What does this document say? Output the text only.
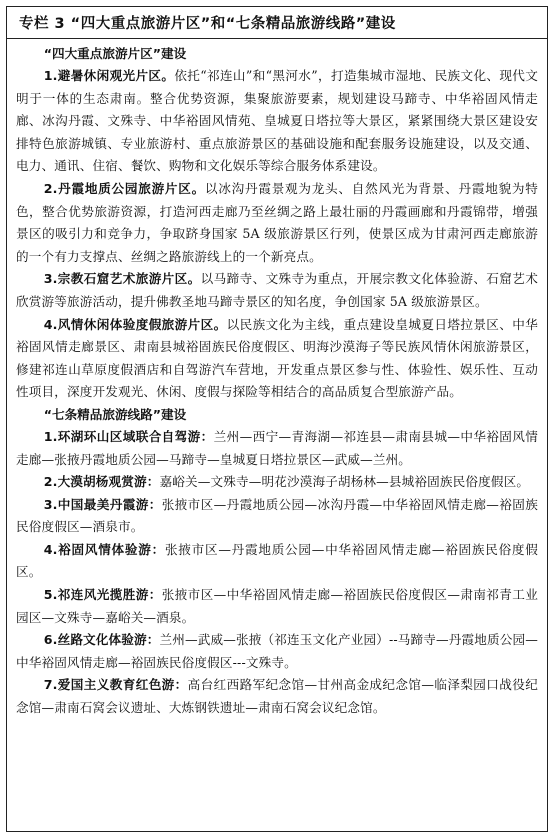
专栏 3 “四大重点旅游片区”和“七条精品旅游线路”建设
“四大重点旅游片区”建设
1.避暑休闲观光片区。依托“祁连山”和“黑河水”，打造集城市湿地、民族文化、现代文明于一体的生态肃南。整合优势资源，集聚旅游要素，规划建设马蹄寺、中华裕固风情走廊、冰沟丹霞、文殊寺、中华裕固风情苑、皇城夏日塔拉等大景区，紧紧围绕大景区建设安排特色旅游城镇、专业旅游村、重点旅游景区的基础设施和配套服务设施建设，以及交通、电力、通讯、住宿、餐饮、购物和文化娱乐等综合服务体系建设。
2.丹霞地质公园旅游片区。以冰沟丹霞景观为龙头、自然风光为背景、丹霞地貌为特色，整合优势旅游资源，打造河西走廊乃至丝绸之路上最壮丽的丹霞画廊和丹霞锦带，增强景区的吸引力和竞争力，争取跻身国家 5A 级旅游景区行列，使景区成为甘肃河西走廊旅游的一个有力支撑点、丝绸之路旅游线上的一个新亮点。
3.宗教石窟艺术旅游片区。以马蹄寺、文殊寺为重点，开展宗教文化体验游、石窟艺术欣赏游等旅游活动，提升佛教圣地马蹄寺景区的知名度，争创国家 5A 级旅游景区。
4.风情休闲体验度假旅游片区。以民族文化为主线，重点建设皇城夏日塔拉景区、中华裕固风情走廊景区、肃南县城裕固族民俗度假区、明海沙漠海子等民族风情休闲旅游景区，修建祁连山草原度假酒店和自驾游汽车营地，开发重点景区参与性、体验性、娱乐性、互动性项目，深度开发观光、休闲、度假与探险等相结合的高品质复合型旅游产品。
“七条精品旅游线路”建设
1.环湖环山区域联合自驾游：兰州—西宁—青海湖—祁连县—肃南县城—中华裕固风情走廊—张掖丹霞地质公园—马蹄寺—皇城夏日塔拉景区—武威—兰州。
2.大漠胡杨观赏游：嘉峪关—文殊寺—明花沙漠海子胡杨林—县城裕固族民俗度假区。
3.中国最美丹霞游：张掖市区—丹霞地质公园—冰沟丹霞—中华裕固风情走廊—裕固族民俗度假区—酒泉市。
4.裕固风情体验游：张掖市区—丹霞地质公园—中华裕固风情走廊—裕固族民俗度假区。
5.祁连风光揽胜游：张掖市区—中华裕固风情走廊—裕固族民俗度假区—肃南祁青工业园区—文殊寺—嘉峪关—酒泉。
6.丝路文化体验游：兰州—武威—张掖（祁连玉文化产业园）--马蹄寺—丹霞地质公园—中华裕固风情走廊—裕固族民俗度假区---文殊寺。
7.爱国主义教育红色游：高台红西路军纪念馆—甘州高金成纪念馆—临泽梨园口战役纪念馆—肃南石窝会议遗址、大炼钢铁遗址—肃南石窝会议纪念馆。
